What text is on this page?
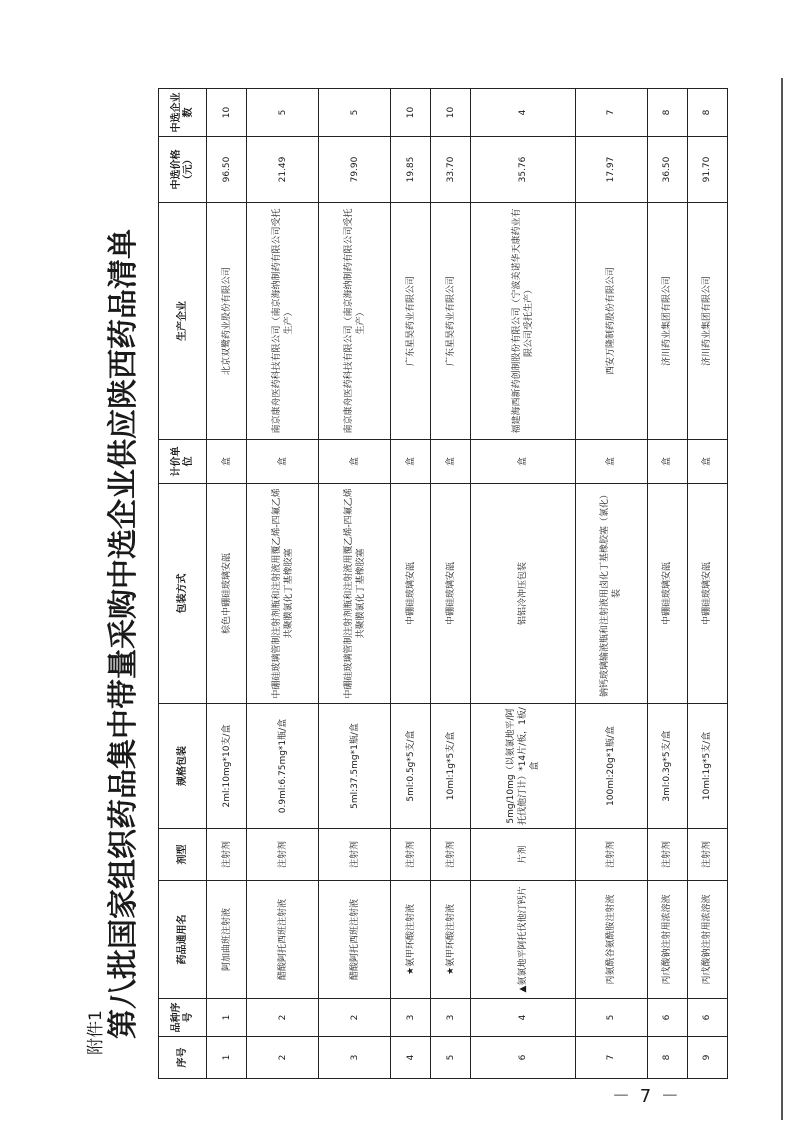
附件1 第八批国家组织药品集中带量采购中选企业供应陕西药品清单
序号	品种序号	药品通用名	剂型	规格包装	包装方式	计价单位	生产企业	中选价格（元）	中选企业数
1	1	阿加曲班注射液	注射剂	2ml:10mg*10支/盒	棕色中硼硅玻璃安瓿	盒	北京双鹭药业股份有限公司	96.50	10
2	2	醋酸阿托西班注射液	注射剂	0.9ml:6.75mg*1瓶/盒	中硼硅玻璃管制注射剂瓶和注射液用覆乙烯-四氟乙烯共聚膜氯化丁基橡胶塞	盒	南京康舟医药科技有限公司（南京海纳制药有限公司受托生产）	21.49	5
3	2	醋酸阿托西班注射液	注射剂	5ml:37.5mg*1瓶/盒	中硼硅玻璃管制注射剂瓶和注射液用覆乙烯-四氟乙烯共聚膜氯化丁基橡胶塞	盒	南京康舟医药科技有限公司（南京海纳制药有限公司受托生产）	79.90	5
4	3	★氨甲环酸注射液	注射剂	5ml:0.5g*5支/盒	中硼硅玻璃安瓿	盒	广东星昊药业有限公司	19.85	10
5	3	★氨甲环酸注射液	注射剂	10ml:1g*5支/盒	中硼硅玻璃安瓿	盒	广东星昊药业有限公司	33.70	10
6	4	▲氨氯地平阿托伐他汀钙片	片剂	5mg/10mg（以氨氯地平/阿托伐他汀计）*14片/板，1板/盒	铝铝冷冲压包装	盒	福建海西新药创制股份有限公司（宁波美诺华天康药业有限公司受托生产）	35.76	4
7	5	丙氨酰谷氨酰胺注射液	注射剂	100ml:20g*1瓶/盒	钠钙玻璃输液瓶和注射液用卤化丁基橡胶塞（氯化）装	盒	西安万隆制药股份有限公司	17.97	7
8	6	丙戊酸钠注射用浓溶液	注射剂	3ml:0.3g*5支/盒	中硼硅玻璃安瓿	盒	济川药业集团有限公司	36.50	8
9	6	丙戊酸钠注射用浓溶液	注射剂	10ml:1g*5支/盒	中硼硅玻璃安瓿	盒	济川药业集团有限公司	91.70	8
－ 7 －
